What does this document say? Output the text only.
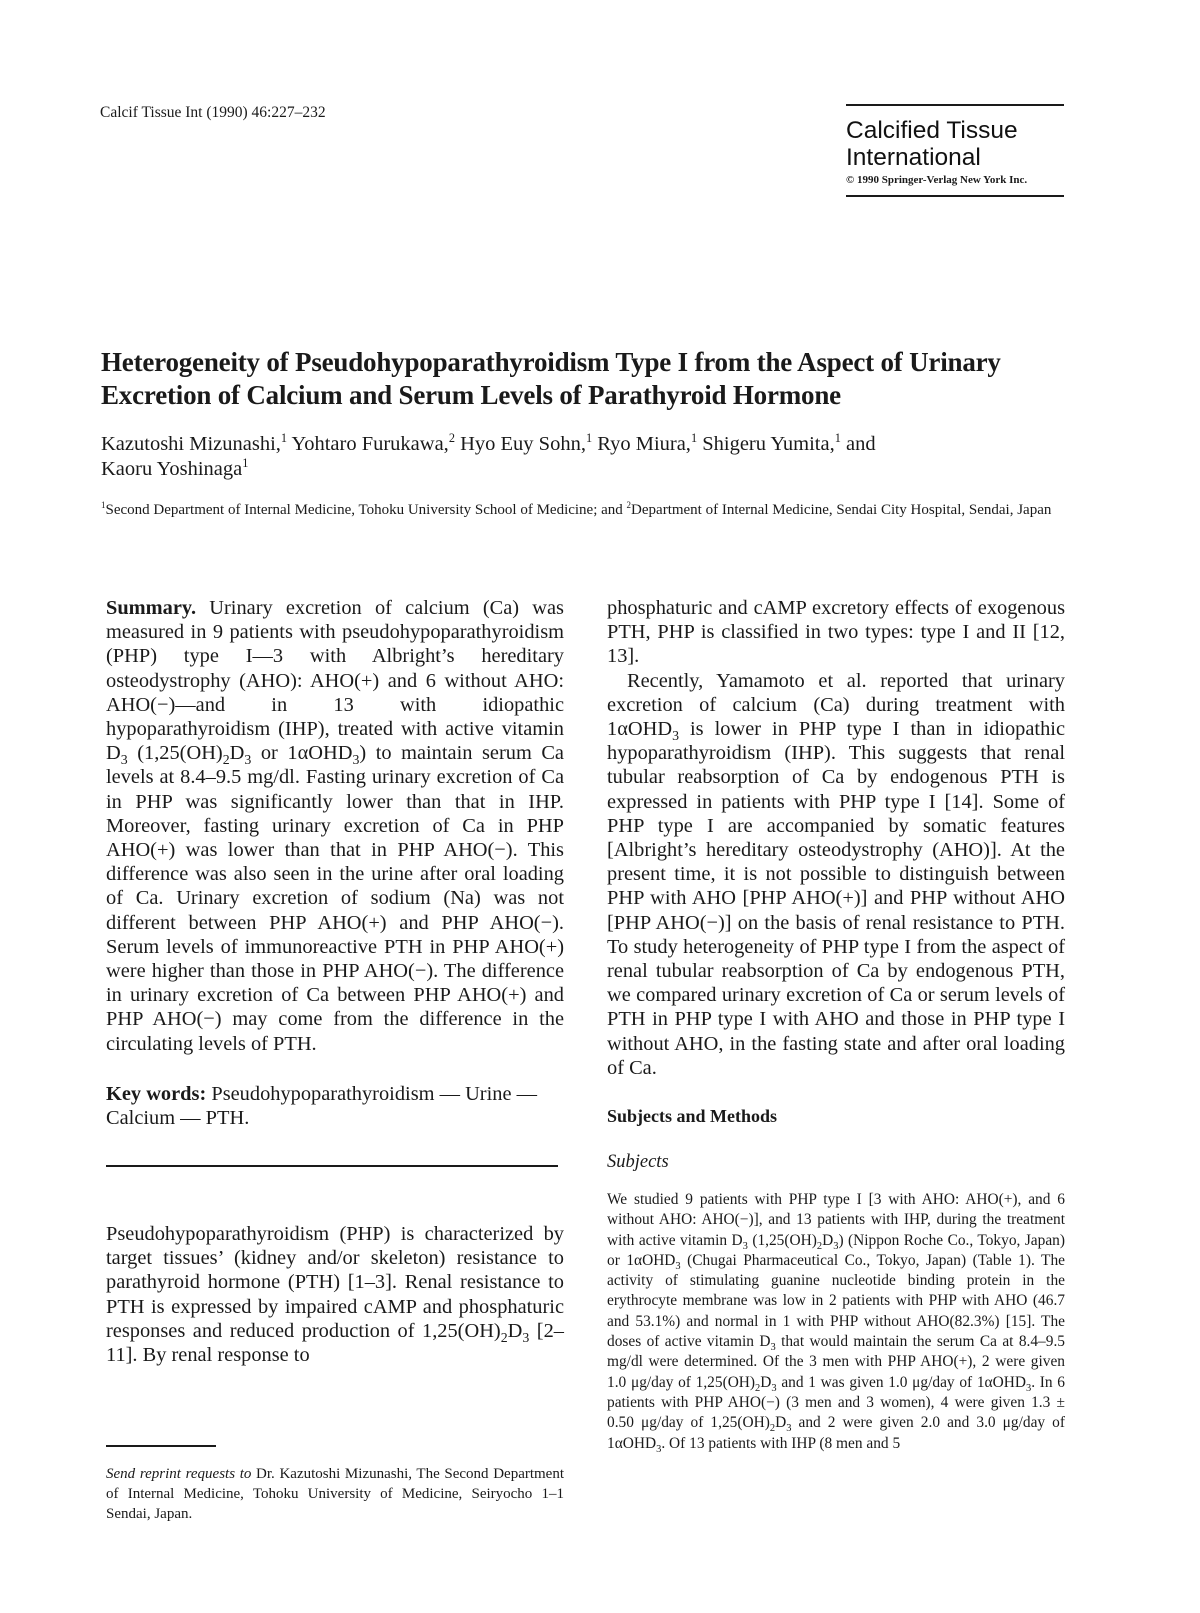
Calcif Tissue Int (1990) 46:227–232
Calcified Tissue
International
© 1990 Springer-Verlag New York Inc.
Heterogeneity of Pseudohypoparathyroidism Type I from the Aspect of Urinary Excretion of Calcium and Serum Levels of Parathyroid Hormone
Kazutoshi Mizunashi,$^1$ Yohtaro Furukawa,$^2$ Hyo Euy Sohn,$^1$ Ryo Miura,$^1$ Shigeru Yumita,$^1$ and
Kaoru Yoshinaga$^1$
$^1$Second Department of Internal Medicine, Tohoku University School of Medicine; and $^2$Department of Internal Medicine, Sendai City Hospital, Sendai, Japan
Summary. Urinary excretion of calcium (Ca) was measured in 9 patients with pseudohypoparathyroidism (PHP) type I—3 with Albright’s hereditary osteodystrophy (AHO): AHO(+) and 6 without AHO: AHO(−)—and in 13 with idiopathic hypoparathyroidism (IHP), treated with active vitamin $D_3$ ($1,25(OH)_2D_3$ or 1αOHD$_3$) to maintain serum Ca levels at 8.4–9.5 mg/dl. Fasting urinary excretion of Ca in PHP was significantly lower than that in IHP. Moreover, fasting urinary excretion of Ca in PHP AHO(+) was lower than that in PHP AHO(−). This difference was also seen in the urine after oral loading of Ca. Urinary excretion of sodium (Na) was not different between PHP AHO(+) and PHP AHO(−). Serum levels of immunoreactive PTH in PHP AHO(+) were higher than those in PHP AHO(−). The difference in urinary excretion of Ca between PHP AHO(+) and PHP AHO(−) may come from the difference in the circulating levels of PTH.
Key words: Pseudohypoparathyroidism — Urine — Calcium — PTH.
Pseudohypoparathyroidism (PHP) is characterized by target tissues’ (kidney and/or skeleton) resistance to parathyroid hormone (PTH) [1–3]. Renal resistance to PTH is expressed by impaired cAMP and phosphaturic responses and reduced production of $1,25(OH)_2D_3$ [2–11]. By renal response to
Send reprint requests to Dr. Kazutoshi Mizunashi, The Second Department of Internal Medicine, Tohoku University of Medicine, Seiryocho 1–1 Sendai, Japan.

phosphaturic and cAMP excretory effects of exogenous PTH, PHP is classified in two types: type I and II [12, 13].

Recently, Yamamoto et al. reported that urinary excretion of calcium (Ca) during treatment with 1αOHD$_3$ is lower in PHP type I than in idiopathic hypoparathyroidism (IHP). This suggests that renal tubular reabsorption of Ca by endogenous PTH is expressed in patients with PHP type I [14]. Some of PHP type I are accompanied by somatic features [Albright’s hereditary osteodystrophy (AHO)]. At the present time, it is not possible to distinguish between PHP with AHO [PHP AHO(+)] and PHP without AHO [PHP AHO(−)] on the basis of renal resistance to PTH. To study heterogeneity of PHP type I from the aspect of renal tubular reabsorption of Ca by endogenous PTH, we compared urinary excretion of Ca or serum levels of PTH in PHP type I with AHO and those in PHP type I without AHO, in the fasting state and after oral loading of Ca.

Subjects and Methods
Subjects
We studied 9 patients with PHP type I [3 with AHO: AHO(+), and 6 without AHO: AHO(−)], and 13 patients with IHP, during the treatment with active vitamin $D_3$ $(1,25(OH)_2D_3)$ (Nippon Roche Co., Tokyo, Japan) or 1αOHD$_3$ (Chugai Pharmaceutical Co., Tokyo, Japan) (Table 1). The activity of stimulating guanine nucleotide binding protein in the erythrocyte membrane was low in 2 patients with PHP with AHO (46.7 and 53.1%) and normal in 1 with PHP without AHO(82.3%) [15]. The doses of active vitamin $D_3$ that would maintain the serum Ca at 8.4–9.5 mg/dl were determined. Of the 3 men with PHP AHO(+), 2 were given 1.0 μg/day of $1,25(OH)_2D_3$ and 1 was given 1.0 μg/day of 1αOHD$_3$. In 6 patients with PHP AHO(−) (3 men and 3 women), 4 were given 1.3 ± 0.50 μg/day of $1,25(OH)_2D_3$ and 2 were given 2.0 and 3.0 μg/day of 1αOHD$_3$. Of 13 patients with IHP (8 men and 5
